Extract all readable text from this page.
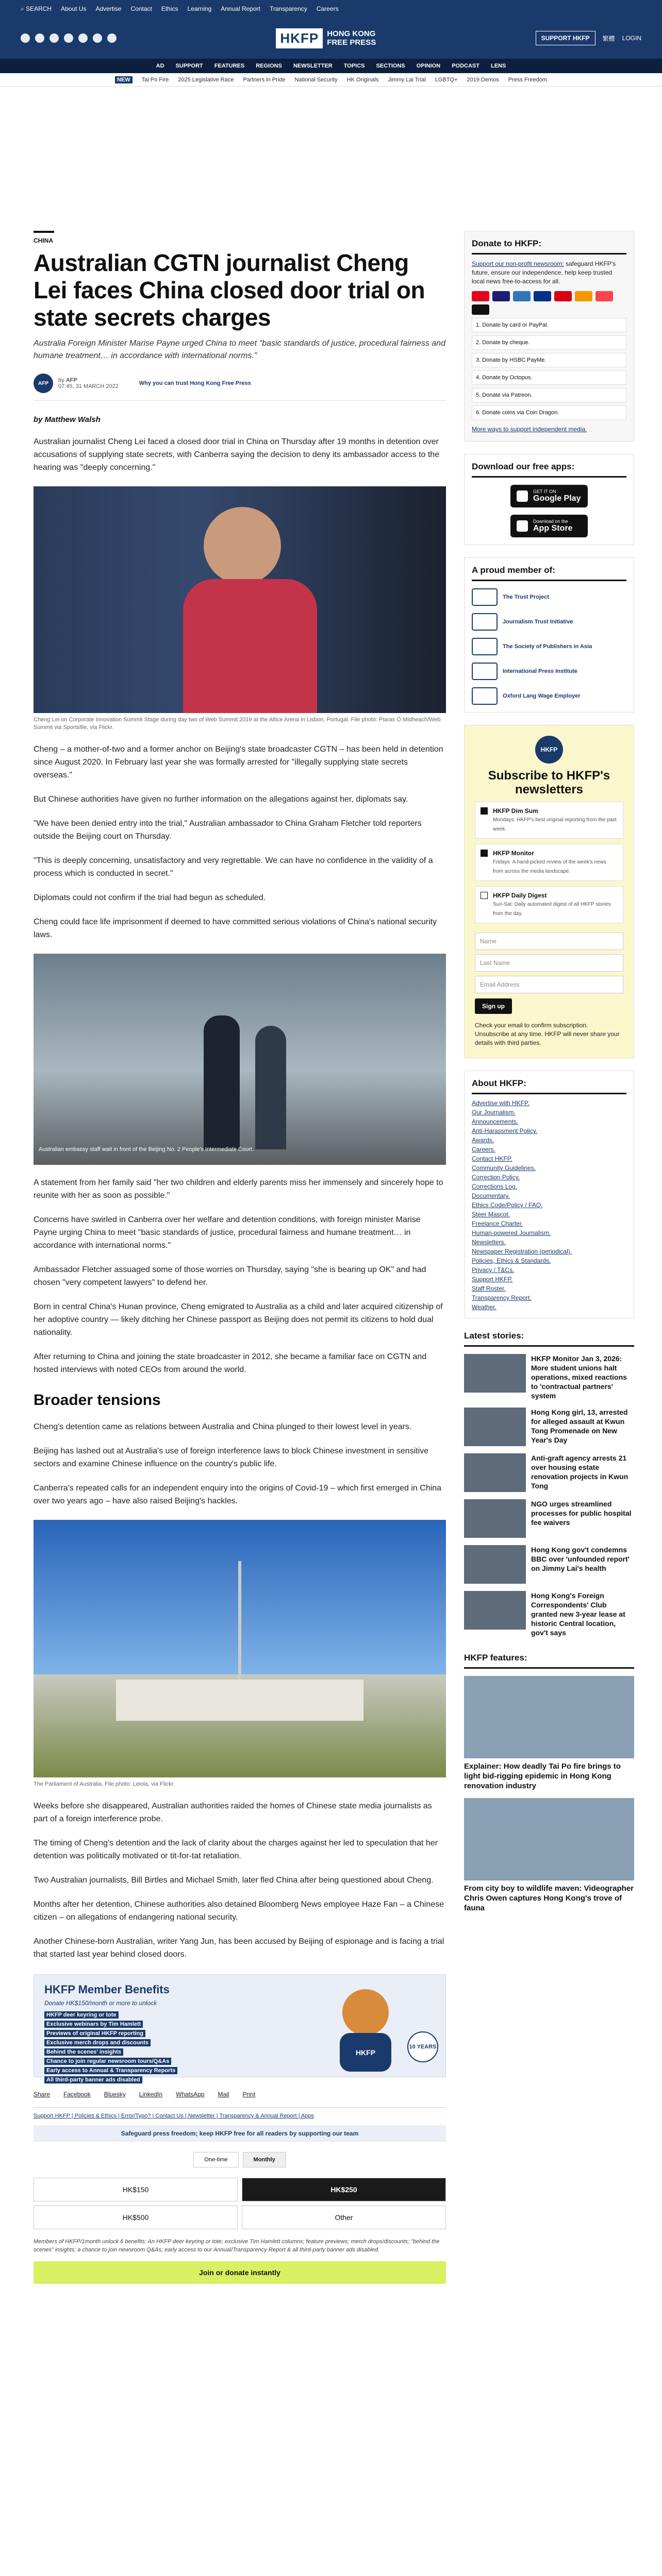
⌕ SEARCH About Us Advertise Contact Ethics Learning Annual Report Transparency Careers
HKFP	HONG KONG
FREE PRESS	SUPPORT HKFP	繁體 LOGIN
AD SUPPORT FEATURES REGIONS NEWSLETTER TOPICS SECTIONS OPINION PODCAST LENS
NEW	Tai Po Fire 2025 Legislative Race Partners in Pride National Security HK Originals Jimmy Lai Trial LGBTQ+ 2019 Demos Press Freedom
CHINA
Australian CGTN journalist Cheng Lei faces China closed door trial on state secrets charges
Australia Foreign Minister Marise Payne urged China to meet "basic standards of justice, procedural fairness and humane treatment… in accordance with international norms."
AFP	by AFP
07:45, 31 MARCH 2022	Why you can trust Hong Kong Free Press
by Matthew Walsh

Australian journalist Cheng Lei faced a closed door trial in China on Thursday after 19 months in detention over accusations of supplying state secrets, with Canberra saying the decision to deny its ambassador access to the hearing was "deeply concerning."

Cheng Lei on Corporate Innovation Summit Stage during day two of Web Summit 2019 at the Altice Arena in Lisbon, Portugal. File photo: Piaras Ó Mídheach/Web Summit via Sportsfile, via Flickr.

Cheng – a mother-of-two and a former anchor on Beijing's state broadcaster CGTN – has been held in detention since August 2020. In February last year she was formally arrested for "illegally supplying state secrets overseas."

But Chinese authorities have given no further information on the allegations against her, diplomats say.

"We have been denied entry into the trial," Australian ambassador to China Graham Fletcher told reporters outside the Beijing court on Thursday.

"This is deeply concerning, unsatisfactory and very regrettable. We can have no confidence in the validity of a process which is conducted in secret."

Diplomats could not confirm if the trial had begun as scheduled.

Cheng could face life imprisonment if deemed to have committed serious violations of China's national security laws.

Australian embassy staff wait in front of the Beijing No. 2 People's Intermediate Court.

A statement from her family said "her two children and elderly parents miss her immensely and sincerely hope to reunite with her as soon as possible."

Concerns have swirled in Canberra over her welfare and detention conditions, with foreign minister Marise Payne urging China to meet "basic standards of justice, procedural fairness and humane treatment… in accordance with international norms."

Ambassador Fletcher assuaged some of those worries on Thursday, saying "she is bearing up OK" and had chosen "very competent lawyers" to defend her.

Born in central China's Hunan province, Cheng emigrated to Australia as a child and later acquired citizenship of her adoptive country — likely ditching her Chinese passport as Beijing does not permit its citizens to hold dual nationality.

After returning to China and joining the state broadcaster in 2012, she became a familiar face on CGTN and hosted interviews with noted CEOs from around the world.

Broader tensions

Cheng's detention came as relations between Australia and China plunged to their lowest level in years.

Beijing has lashed out at Australia's use of foreign interference laws to block Chinese investment in sensitive sectors and examine Chinese influence on the country's public life.

Canberra's repeated calls for an independent enquiry into the origins of Covid-19 – which first emerged in China over two years ago – have also raised Beijing's hackles.

The Parliament of Australia. File photo: Leiola, via Flickr.

Weeks before she disappeared, Australian authorities raided the homes of Chinese state media journalists as part of a foreign interference probe.

The timing of Cheng's detention and the lack of clarity about the charges against her led to speculation that her detention was politically motivated or tit-for-tat retaliation.

Two Australian journalists, Bill Birtles and Michael Smith, later fled China after being questioned about Cheng.

Months after her detention, Chinese authorities also detained Bloomberg News employee Haze Fan – a Chinese citizen – on allegations of endangering national security.

Another Chinese-born Australian, writer Yang Jun, has been accused by Beijing of espionage and is facing a trial that started last year behind closed doors.

HKFP Member Benefits
Donate HK$150/month or more to unlock
HKFP deer keyring or tote
Exclusive webinars by Tim Hamlett
Previews of original HKFP reporting
Exclusive merch drops and discounts
Behind the scenes' insights
Chance to join regular newsroom tours/Q&As
Early access to Annual & Transparency Reports
All third-party banner ads disabled
HKFP
10 YEARS
Share Facebook Bluesky LinkedIn WhatsApp Mail Print
Support HKFP | Policies & Ethics | Error/Typo? | Contact Us | Newsletter | Transparency & Annual Report | Apps
Safeguard press freedom; keep HKFP free for all readers by supporting our team
One-time	Monthly
HK$150	HK$250
HK$500	Other
Members of HKFP/1month unlock 6 benefits: An HKFP deer keyring or tote; exclusive Tim Hamlett columns; feature previews; merch drops/discounts; "behind the scenes" insights; a chance to join newsroom Q&As; early access to our Annual/Transparency Report & all third-party banner ads disabled.
Join or donate instantly
Donate to HKFP:
Support our non-profit newsroom: safeguard HKFP's future, ensure our independence, help keep trusted local news free-to-access for all.
1. Donate by card or PayPal.
2. Donate by cheque.
3. Donate by HSBC PayMe.
4. Donate by Octopus.
5. Donate via Patreon.
6. Donate coins via Coin Dragon.
More ways to support independent media.
Download our free apps:
GET IT ON
Google Play
Download on the
App Store
A proud member of:
The Trust Project
Journalism Trust Initiative
The Society of Publishers in Asia
International Press Institute
Oxford Lang Wage Employer
HKFP
Subscribe to HKFP's newsletters
HKFP Dim Sum
Mondays: HKFP's best original reporting from the past week.
HKFP Monitor
Fridays: A hand-picked review of the week's news from across the media landscape.
HKFP Daily Digest
Sun-Sat: Daily automated digest of all HKFP stories from the day.
Name
Last Name
Email Address
Sign up
Check your email to confirm subscription. Unsubscribe at any time. HKFP will never share your details with third parties.
About HKFP:
Advertise with HKFP.
Our Journalism.
Announcements.
Anti-Harassment Policy.
Awards.
Careers.
Contact HKFP.
Community Guidelines.
Correction Policy.
Corrections Log.
Documentary.
Ethics Code/Policy / FAQ.
Steer Mascot.
Freelance Charter.
Human-powered Journalism.
Newsletters.
Newspaper Registration (periodical).
Policies, Ethics & Standards.
Privacy / T&Cs.
Support HKFP.
Staff Roster.
Transparency Report.
Weather.
Latest stories:
HKFP Monitor Jan 3, 2026: More student unions halt operations, mixed reactions to 'contractual partners' system
Hong Kong girl, 13, arrested for alleged assault at Kwun Tong Promenade on New Year's Day
Anti-graft agency arrests 21 over housing estate renovation projects in Kwun Tong
NGO urges streamlined processes for public hospital fee waivers
Hong Kong gov't condemns BBC over 'unfounded report' on Jimmy Lai's health
Hong Kong's Foreign Correspondents' Club granted new 3-year lease at historic Central location, gov't says
HKFP features:
Explainer: How deadly Tai Po fire brings to light bid-rigging epidemic in Hong Kong renovation industry
From city boy to wildlife maven: Videographer Chris Owen captures Hong Kong's trove of fauna
